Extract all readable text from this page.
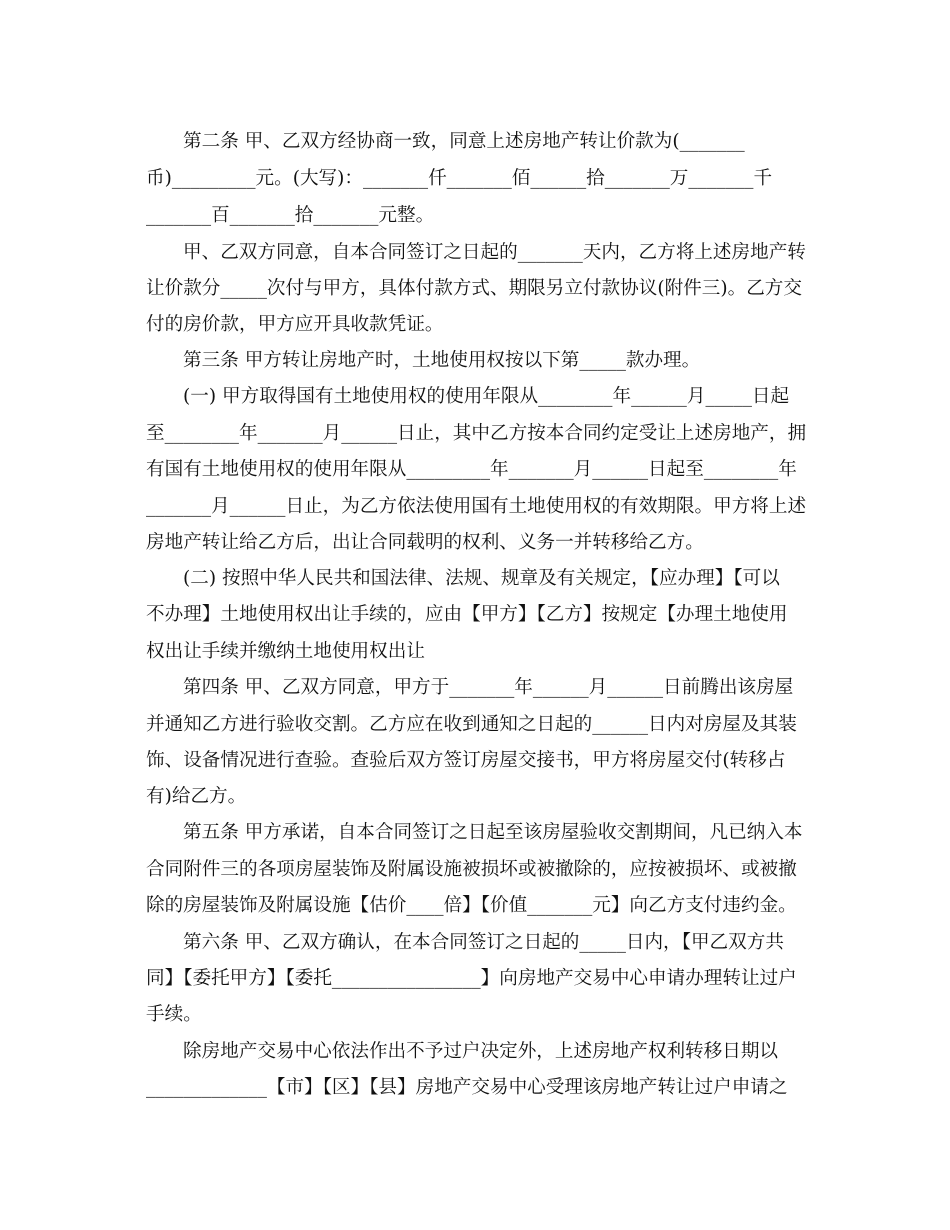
第二条 甲、乙双方经协商一致，同意上述房地产转让价款为(_______

币)_________元。(大写)：_______仟_______佰______拾_______万_______千

_______百_______拾_______元整。

甲、乙双方同意，自本合同签订之日起的_______天内，乙方将上述房地产转

让价款分_____次付与甲方，具体付款方式、期限另立付款协议(附件三)。乙方交

付的房价款，甲方应开具收款凭证。

第三条 甲方转让房地产时，土地使用权按以下第_____款办理。

(一) 甲方取得国有土地使用权的使用年限从________年______月_____日起

至________年_______月______日止，其中乙方按本合同约定受让上述房地产，拥

有国有土地使用权的使用年限从_________年_______月______日起至________年

_______月______日止，为乙方依法使用国有土地使用权的有效期限。甲方将上述

房地产转让给乙方后，出让合同载明的权利、义务一并转移给乙方。

(二) 按照中华人民共和国法律、法规、规章及有关规定，【应办理】【可以

不办理】土地使用权出让手续的，应由【甲方】【乙方】按规定【办理土地使用

权出让手续并缴纳土地使用权出让

第四条 甲、乙双方同意，甲方于_______年______月______日前腾出该房屋

并通知乙方进行验收交割。乙方应在收到通知之日起的______日内对房屋及其装

饰、设备情况进行查验。查验后双方签订房屋交接书，甲方将房屋交付(转移占

有)给乙方。

第五条 甲方承诺，自本合同签订之日起至该房屋验收交割期间，凡已纳入本

合同附件三的各项房屋装饰及附属设施被损坏或被撤除的，应按被损坏、或被撤

除的房屋装饰及附属设施【估价____倍】【价值_______元】向乙方支付违约金。

第六条 甲、乙双方确认，在本合同签订之日起的_____日内，【甲乙双方共

同】【委托甲方】【委托________________】向房地产交易中心申请办理转让过户

手续。

除房地产交易中心依法作出不予过户决定外，上述房地产权利转移日期以

_____________【市】【区】【县】房地产交易中心受理该房地产转让过户申请之
